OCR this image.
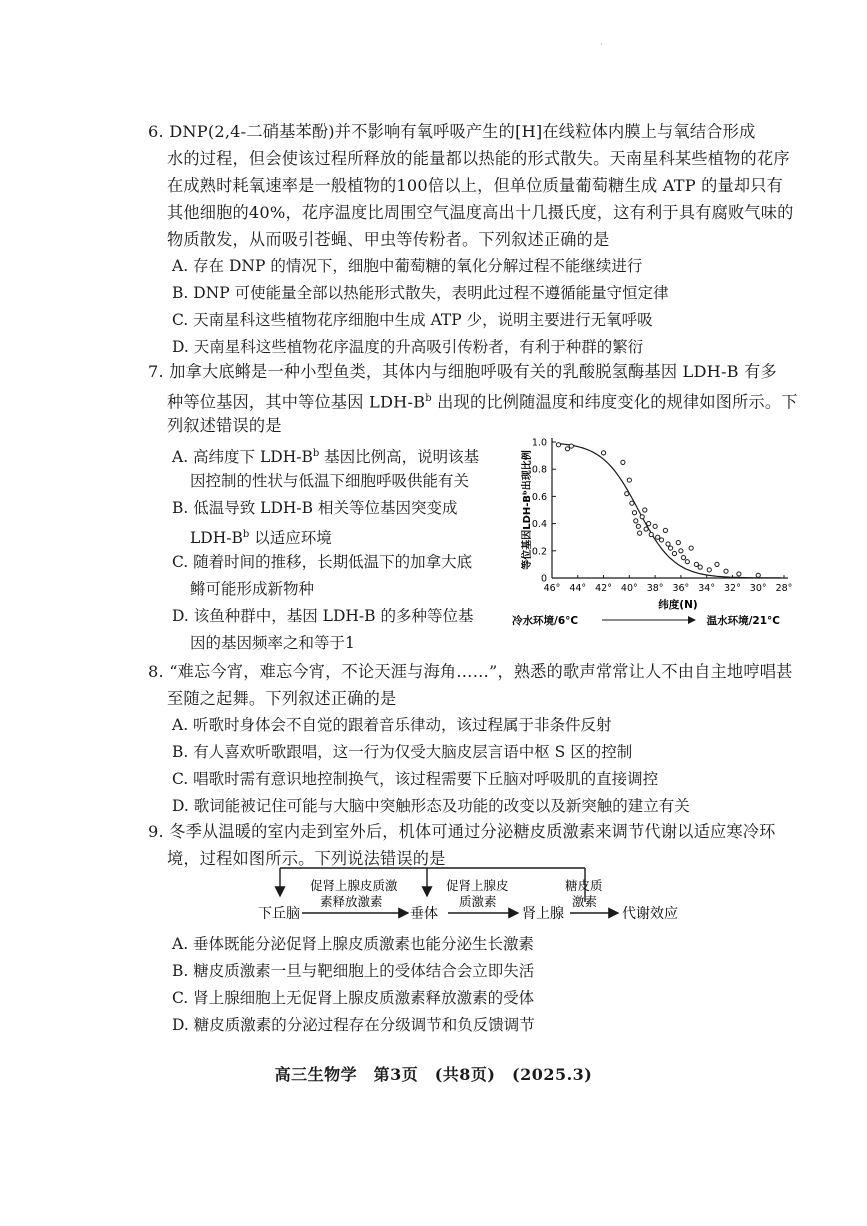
·
6. DNP(2,4-二硝基苯酚)并不影响有氧呼吸产生的[H]在线粒体内膜上与氧结合形成
水的过程，但会使该过程所释放的能量都以热能的形式散失。天南星科某些植物的花序
在成熟时耗氧速率是一般植物的100倍以上，但单位质量葡萄糖生成 ATP 的量却只有
其他细胞的40%，花序温度比周围空气温度高出十几摄氏度，这有利于具有腐败气味的
物质散发，从而吸引苍蝇、甲虫等传粉者。下列叙述正确的是
A. 存在 DNP 的情况下，细胞中葡萄糖的氧化分解过程不能继续进行
B. DNP 可使能量全部以热能形式散失，表明此过程不遵循能量守恒定律
C. 天南星科这些植物花序细胞中生成 ATP 少，说明主要进行无氧呼吸
D. 天南星科这些植物花序温度的升高吸引传粉者，有利于种群的繁衍
7. 加拿大底鳉是一种小型鱼类，其体内与细胞呼吸有关的乳酸脱氢酶基因 LDH-B 有多
种等位基因，其中等位基因 LDH-$B^b$ 出现的比例随温度和纬度变化的规律如图所示。下
列叙述错误的是
A. 高纬度下 LDH-$B^b$ 基因比例高，说明该基
因控制的性状与低温下细胞呼吸供能有关
B. 低温导致 LDH-B 相关等位基因突变成
LDH-$B^b$ 以适应环境
C. 随着时间的推移，长期低温下的加拿大底
鳉可能形成新物种
D. 该鱼种群中，基因 LDH-B 的多种等位基
因的基因频率之和等于1
0
0.2
0.4
0.6
0.8
1.0
46° 44° 42° 40° 38° 36° 34° 32° 30° 28°
等位基因LDH-Bᵇ出现比例
纬度(N)
冷水环境/6°C	温水环境/21°C
8. “难忘今宵，难忘今宵，不论天涯与海角……”，熟悉的歌声常常让人不由自主地哼唱甚
至随之起舞。下列叙述正确的是
A. 听歌时身体会不自觉的跟着音乐律动，该过程属于非条件反射
B. 有人喜欢听歌跟唱，这一行为仅受大脑皮层言语中枢 S 区的控制
C. 唱歌时需有意识地控制换气，该过程需要下丘脑对呼吸肌的直接调控
D. 歌词能被记住可能与大脑中突触形态及功能的改变以及新突触的建立有关
9. 冬季从温暖的室内走到室外后，机体可通过分泌糖皮质激素来调节代谢以适应寒冷环
境，过程如图所示。下列说法错误的是
下丘脑	垂体	肾上腺	代谢效应
促肾上腺皮质激
素释放激素
促肾上腺皮
质激素
糖皮质
激素
A. 垂体既能分泌促肾上腺皮质激素也能分泌生长激素
B. 糖皮质激素一旦与靶细胞上的受体结合会立即失活
C. 肾上腺细胞上无促肾上腺皮质激素释放激素的受体
D. 糖皮质激素的分泌过程存在分级调节和负反馈调节
高三生物学　第3页　(共8页)　(2025.3)
